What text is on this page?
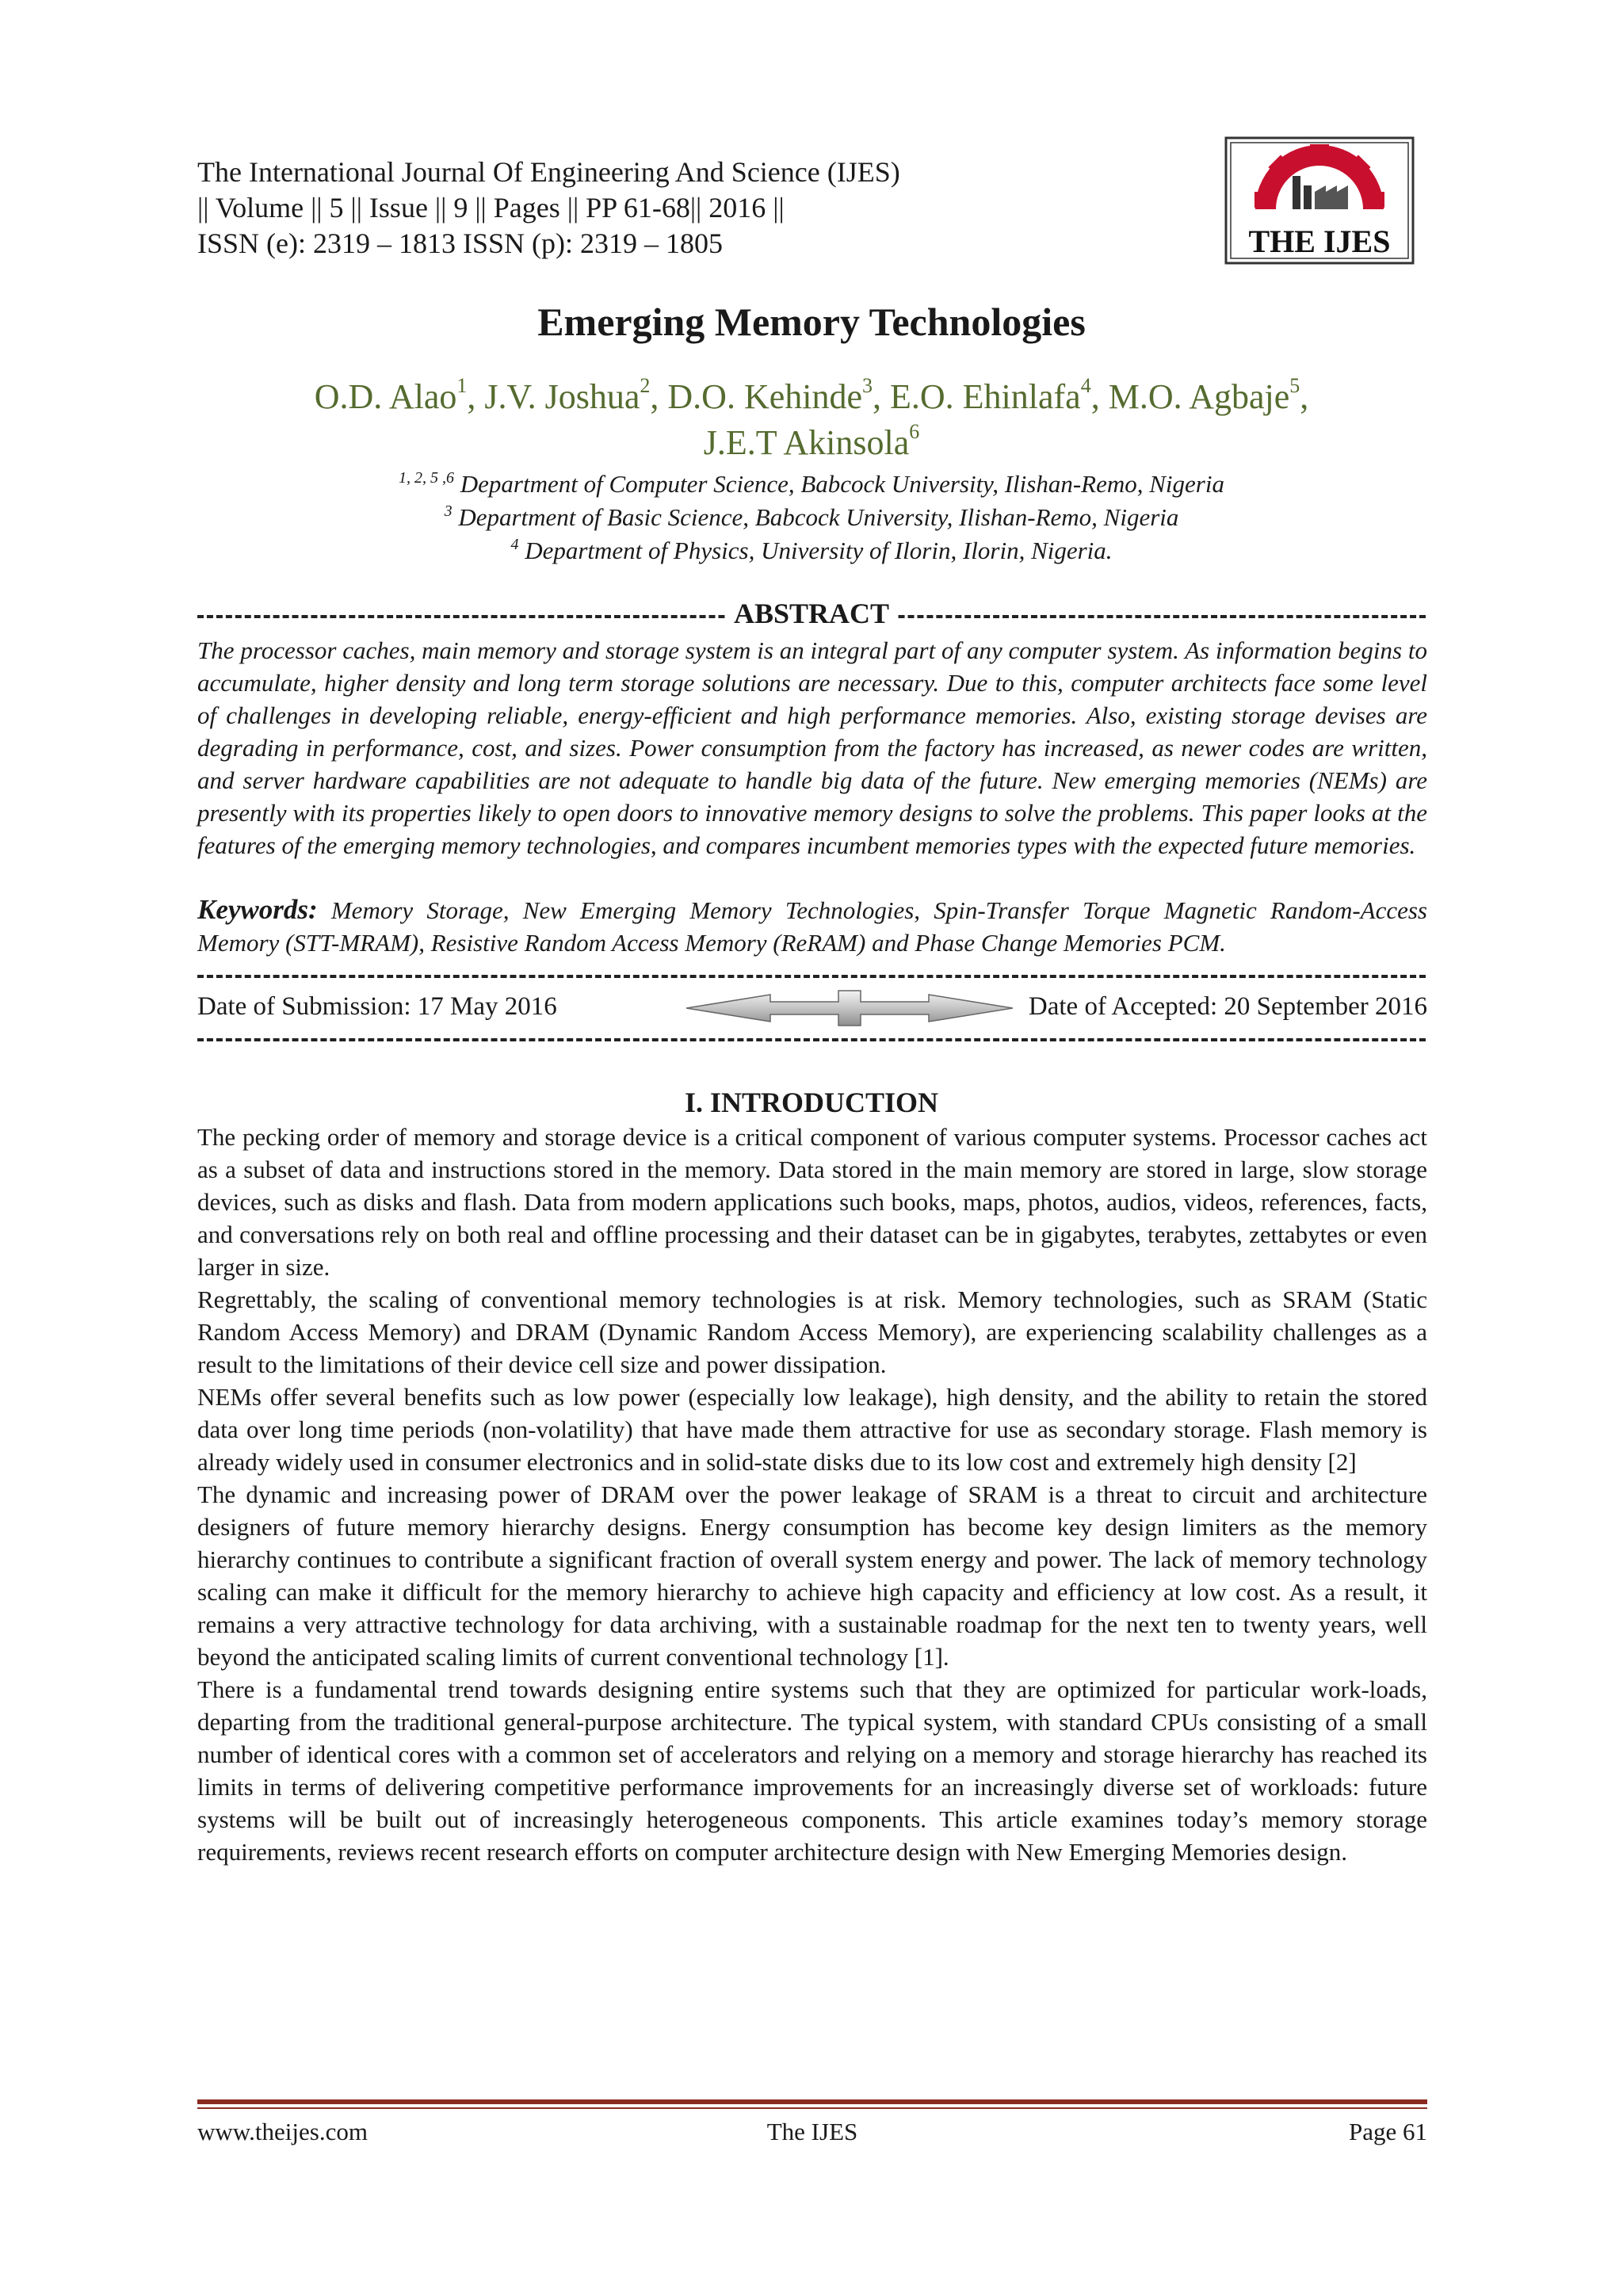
The International Journal Of Engineering And Science (IJES)
|| Volume || 5 || Issue || 9 || Pages || PP 61-68|| 2016 ||
ISSN (e): 2319 – 1813 ISSN (p): 2319 – 1805	THE IJES
Emerging Memory Technologies
O.D. Alao$^1$, J.V. Joshua$^2$, D.O. Kehinde$^3$, E.O. Ehinlafa$^4$, M.O. Agbaje$^5$,
J.E.T Akinsola$^6$
$^{1, 2, 5 ,6}$ Department of Computer Science, Babcock University, Ilishan-Remo, Nigeria
$^3$ Department of Basic Science, Babcock University, Ilishan-Remo, Nigeria
$^4$ Department of Physics, University of Ilorin, Ilorin, Nigeria.
ABSTRACT
The processor caches, main memory and storage system is an integral part of any computer system. As information begins to accumulate, higher density and long term storage solutions are necessary. Due to this, computer architects face some level of challenges in developing reliable, energy-efficient and high performance memories. Also, existing storage devises are degrading in performance, cost, and sizes. Power consumption from the factory has increased, as newer codes are written, and server hardware capabilities are not adequate to handle big data of the future. New emerging memories (NEMs) are presently with its properties likely to open doors to innovative memory designs to solve the problems. This paper looks at the features of the emerging memory technologies, and compares incumbent memories types with the expected future memories.
Keywords: Memory Storage, New Emerging Memory Technologies, Spin-Transfer Torque Magnetic Random-Access Memory (STT-MRAM), Resistive Random Access Memory (ReRAM) and Phase Change Memories PCM.
Date of Submission: 17 May 2016	Date of Accepted: 20 September 2016
I. INTRODUCTION

The pecking order of memory and storage device is a critical component of various computer systems. Processor caches act as a subset of data and instructions stored in the memory. Data stored in the main memory are stored in large, slow storage devices, such as disks and flash. Data from modern applications such books, maps, photos, audios, videos, references, facts, and conversations rely on both real and offline processing and their dataset can be in gigabytes, terabytes, zettabytes or even larger in size.

Regrettably, the scaling of conventional memory technologies is at risk. Memory technologies, such as SRAM (Static Random Access Memory) and DRAM (Dynamic Random Access Memory), are experiencing scalability challenges as a result to the limitations of their device cell size and power dissipation.

NEMs offer several benefits such as low power (especially low leakage), high density, and the ability to retain the stored data over long time periods (non-volatility) that have made them attractive for use as secondary storage. Flash memory is already widely used in consumer electronics and in solid-state disks due to its low cost and extremely high density [2]

The dynamic and increasing power of DRAM over the power leakage of SRAM is a threat to circuit and architecture designers of future memory hierarchy designs. Energy consumption has become key design limiters as the memory hierarchy continues to contribute a significant fraction of overall system energy and power. The lack of memory technology scaling can make it difficult for the memory hierarchy to achieve high capacity and efficiency at low cost. As a result, it remains a very attractive technology for data archiving, with a sustainable roadmap for the next ten to twenty years, well beyond the anticipated scaling limits of current conventional technology [1].

There is a fundamental trend towards designing entire systems such that they are optimized for particular work-loads, departing from the traditional general-purpose architecture. The typical system, with standard CPUs consisting of a small number of identical cores with a common set of accelerators and relying on a memory and storage hierarchy has reached its limits in terms of delivering competitive performance improvements for an increasingly diverse set of workloads: future systems will be built out of increasingly heterogeneous components. This article examines today’s memory storage requirements, reviews recent research efforts on computer architecture design with New Emerging Memories design.

The IJES
www.theijes.com	Page 61
